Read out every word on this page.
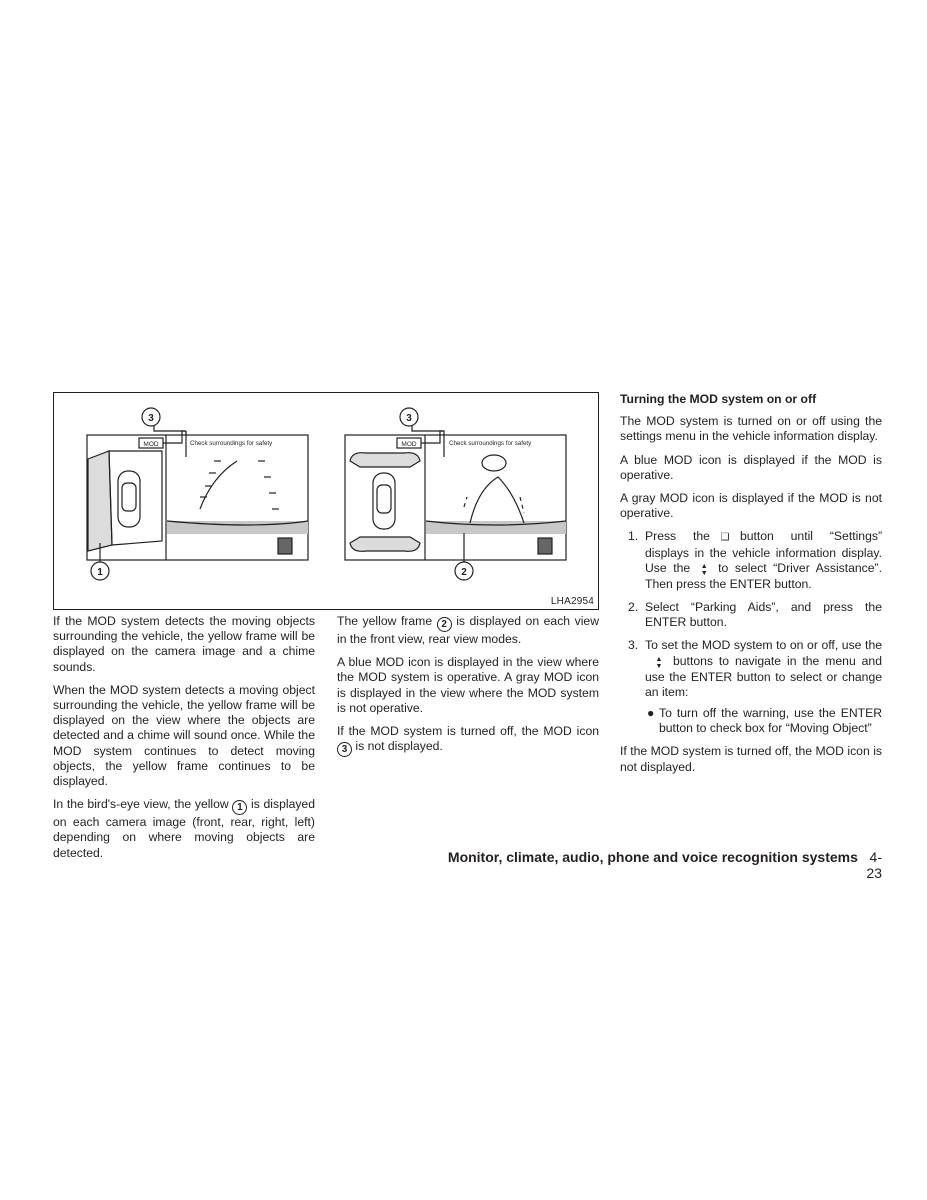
3
1
3
2
MOD	MOD
Check surroundings for safety	Check surroundings for safety
LHA2954

If the MOD system detects the moving objects surrounding the vehicle, the yellow frame will be displayed on the camera image and a chime sounds.

When the MOD system detects a moving object surrounding the vehicle, the yellow frame will be displayed on the view where the objects are detected and a chime will sound once. While the MOD system continues to detect moving objects, the yellow frame continues to be displayed.

In the bird's-eye view, the yellow 1 is displayed on each camera image (front, rear, right, left) depending on where moving objects are detected.

The yellow frame 2 is displayed on each view in the front view, rear view modes.

A blue MOD icon is displayed in the view where the MOD system is operative. A gray MOD icon is displayed in the view where the MOD system is not operative.

If the MOD system is turned off, the MOD icon 3 is not displayed.

Turning the MOD system on or off

The MOD system is turned on or off using the settings menu in the vehicle information display.

A blue MOD icon is displayed if the MOD is operative.

A gray MOD icon is displayed if the MOD is not operative.

1. Press the ❑ button until “Settings” displays in the vehicle information display. Use the ▲
▼ to select “Driver Assistance”. Then press the ENTER button.
2. Select “Parking Aids”, and press the ENTER button.
3. To set the MOD system to on or off, use the▲
▼ buttons to navigate in the menu and use the ENTER button to select or change an item:
● To turn off the warning, use the ENTER button to check box for “Moving Object”

If the MOD system is turned off, the MOD icon is not displayed.

Monitor, climate, audio, phone and voice recognition systems 4-23
